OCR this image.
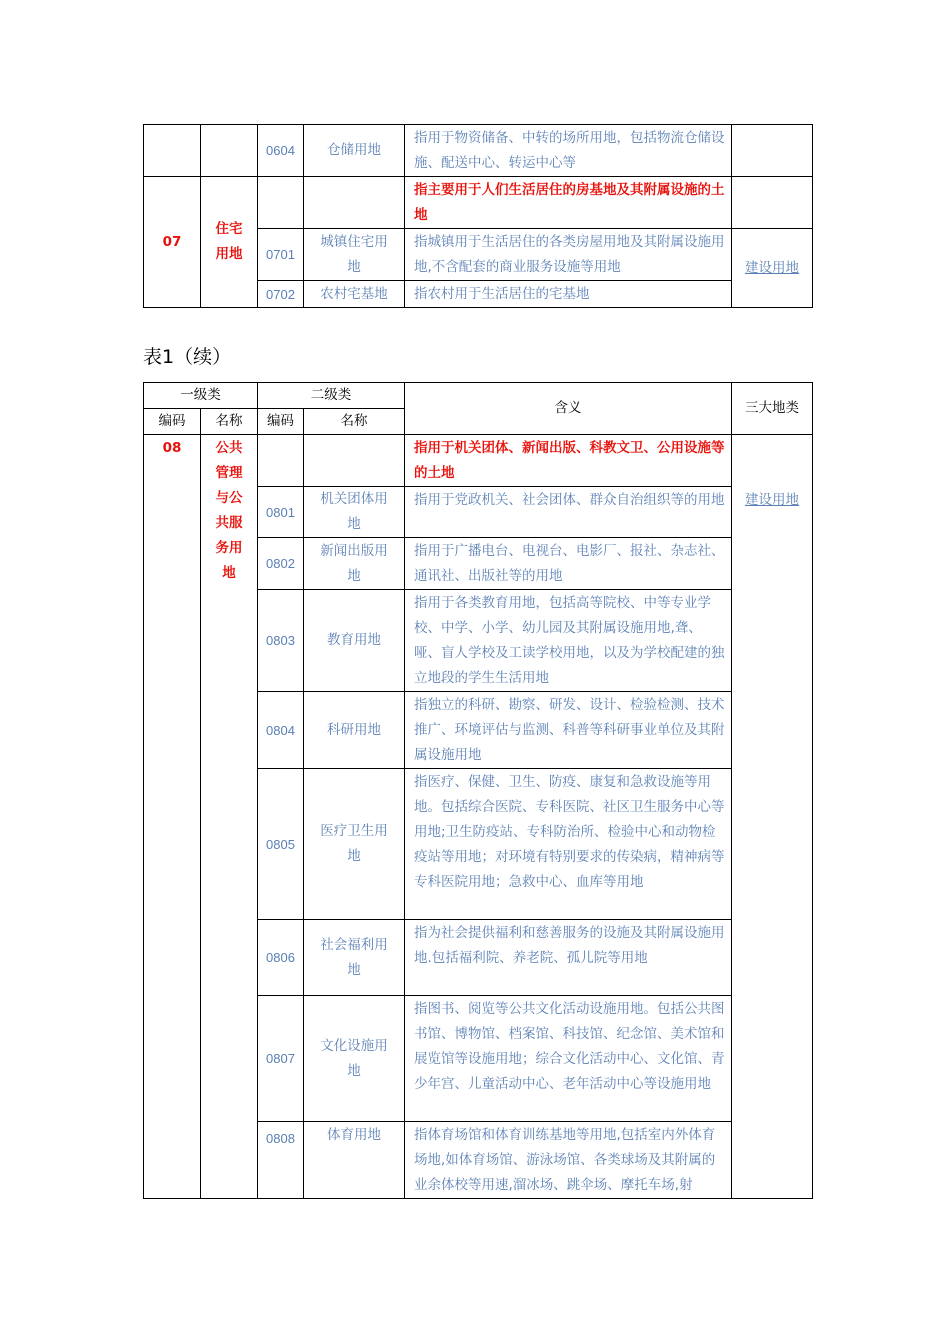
		0604	仓储用地	指用于物资储备、中转的场所用地，包括物流仓储设施、配送中心、转运中心等	
07	住宅用地			指主要用于人们生活居住的房基地及其附属设施的土地	
		0701	城镇住宅用地	指城镇用于生活居住的各类房屋用地及其附属设施用地,不含配套的商业服务设施等用地	建设用地
		0702	农村宅基地	指农村用于生活居住的宅基地	
表1（续）
一级类		二级类		含义	三大地类
编码	名称	编码	名称		
08	公共管理与公共服务用地			指用于机关团体、新闻出版、科教文卫、公用设施等的土地	建设用地
		0801	机关团体用地	指用于党政机关、社会团体、群众自治组织等的用地	
		0802	新闻出版用地	指用于广播电台、电视台、电影厂、报社、杂志社、通讯社、出版社等的用地	
		0803	教育用地	指用于各类教育用地，包括高等院校、中等专业学校、中学、小学、幼儿园及其附属设施用地,聋、哑、盲人学校及工读学校用地，以及为学校配建的独立地段的学生生活用地	
		0804	科研用地	指独立的科研、勘察、研发、设计、检验检测、技术推广、环境评估与监测、科普等科研事业单位及其附属设施用地	
		0805	医疗卫生用地	指医疗、保健、卫生、防疫、康复和急救设施等用地。包括综合医院、专科医院、社区卫生服务中心等用地;卫生防疫站、专科防治所、检验中心和动物检疫站等用地；对环境有特别要求的传染病，精神病等专科医院用地；急救中心、血库等用地	
		0806	社会福利用地	指为社会提供福利和慈善服务的设施及其附属设施用地.包括福利院、养老院、孤儿院等用地	
		0807	文化设施用地	指图书、阅览等公共文化活动设施用地。包括公共图书馆、博物馆、档案馆、科技馆、纪念馆、美术馆和展览馆等设施用地；综合文化活动中心、文化馆、青少年宫、儿童活动中心、老年活动中心等设施用地	
		0808	体育用地	指体育场馆和体育训练基地等用地,包括室内外体育场地,如体育场馆、游泳场馆、各类球场及其附属的业余体校等用速,溜冰场、跳伞场、摩托车场,射	
